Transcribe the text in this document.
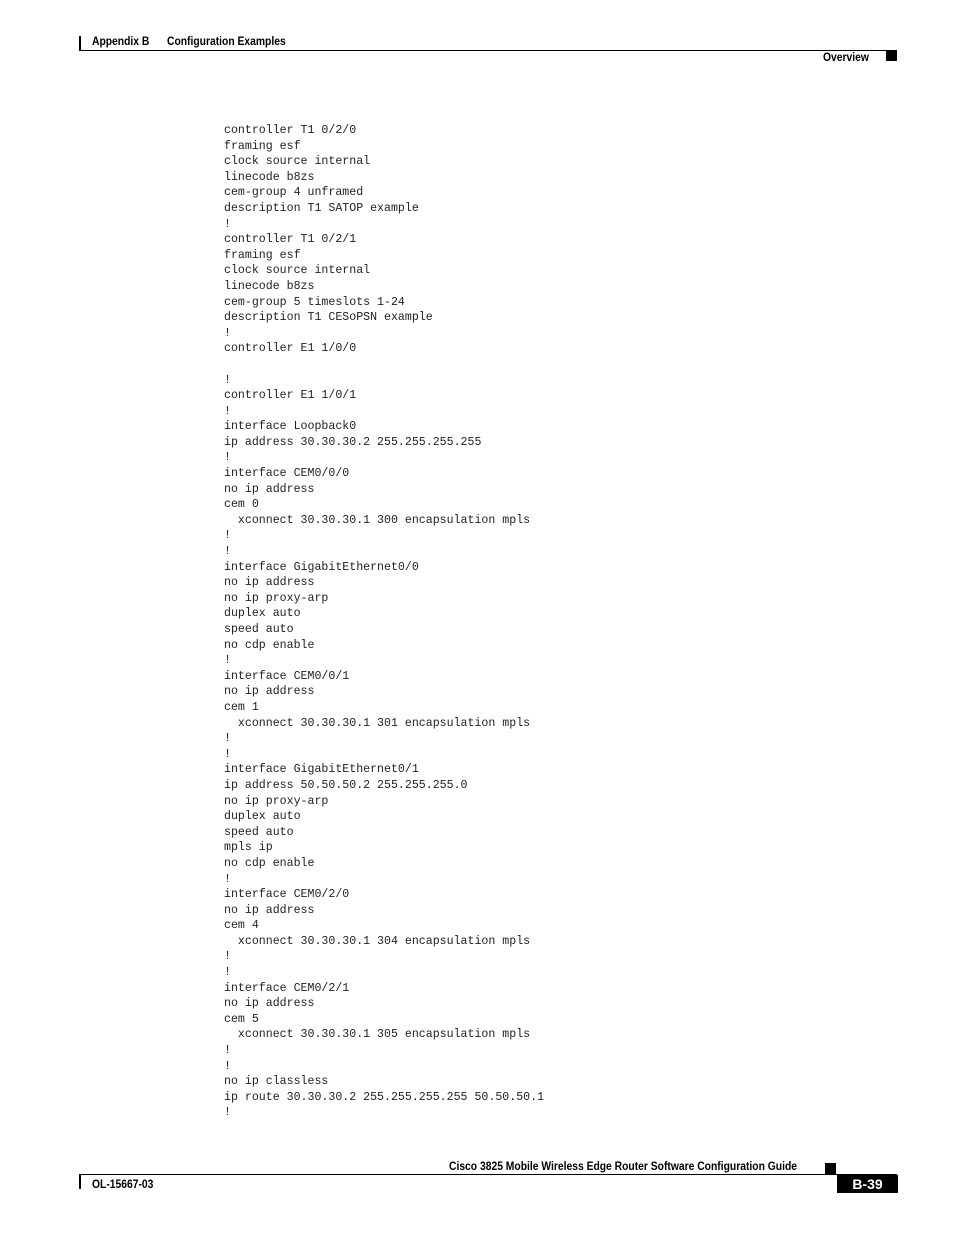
Appendix B Configuration Examples
Overview
controller T1 0/2/0
framing esf
clock source internal
linecode b8zs
cem-group 4 unframed
description T1 SATOP example
!
controller T1 0/2/1
framing esf
clock source internal
linecode b8zs
cem-group 5 timeslots 1-24
description T1 CESoPSN example
!
controller E1 1/0/0

!
controller E1 1/0/1
!
interface Loopback0
ip address 30.30.30.2 255.255.255.255
!
interface CEM0/0/0
no ip address
cem 0
xconnect 30.30.30.1 300 encapsulation mpls
!
!
interface GigabitEthernet0/0
no ip address
no ip proxy-arp
duplex auto
speed auto
no cdp enable
!
interface CEM0/0/1
no ip address
cem 1
xconnect 30.30.30.1 301 encapsulation mpls
!
!
interface GigabitEthernet0/1
ip address 50.50.50.2 255.255.255.0
no ip proxy-arp
duplex auto
speed auto
mpls ip
no cdp enable
!
interface CEM0/2/0
no ip address
cem 4
xconnect 30.30.30.1 304 encapsulation mpls
!
!
interface CEM0/2/1
no ip address
cem 5
xconnect 30.30.30.1 305 encapsulation mpls
!
!
no ip classless
ip route 30.30.30.2 255.255.255.255 50.50.50.1
!
Cisco 3825 Mobile Wireless Edge Router Software Configuration Guide
OL-15667-03	B-39
